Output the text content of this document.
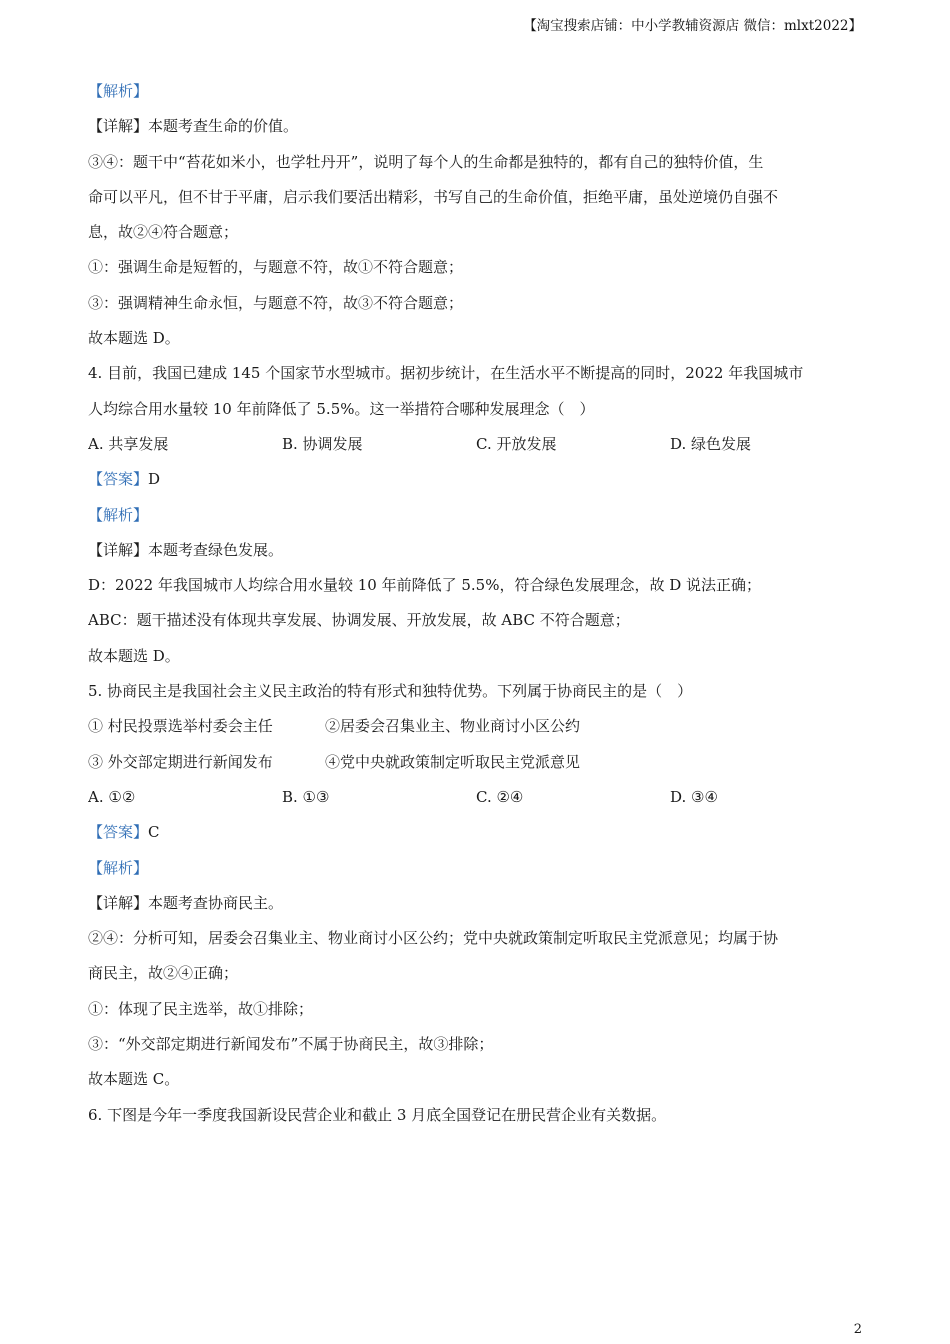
【淘宝搜索店铺：中小学教辅资源店 微信：mlxt2022】
【解析】
【详解】本题考查生命的价值。
③④：题干中“苔花如米小，也学牡丹开”，说明了每个人的生命都是独特的，都有自己的独特价值，生
命可以平凡，但不甘于平庸，启示我们要活出精彩，书写自己的生命价值，拒绝平庸，虽处逆境仍自强不
息，故②④符合题意；
①：强调生命是短暂的，与题意不符，故①不符合题意；
③：强调精神生命永恒，与题意不符，故③不符合题意；
故本题选 D。
4. 目前，我国已建成 145 个国家节水型城市。据初步统计，在生活水平不断提高的同时，2022 年我国城市
人均综合用水量较 10 年前降低了 5.5%。这一举措符合哪种发展理念（　）
A. 共享发展	B. 协调发展	C. 开放发展	D. 绿色发展
【答案】D
【解析】
【详解】本题考查绿色发展。
D：2022 年我国城市人均综合用水量较 10 年前降低了 5.5%，符合绿色发展理念，故 D 说法正确；
ABC：题干描述没有体现共享发展、协调发展、开放发展，故 ABC 不符合题意；
故本题选 D。
5. 协商民主是我国社会主义民主政治的特有形式和独特优势。下列属于协商民主的是（　）
① 村民投票选举村委会主任	②居委会召集业主、物业商讨小区公约
③ 外交部定期进行新闻发布	④党中央就政策制定听取民主党派意见
A. ①②	B. ①③	C. ②④	D. ③④
【答案】C
【解析】
【详解】本题考查协商民主。
②④：分析可知，居委会召集业主、物业商讨小区公约；党中央就政策制定听取民主党派意见；均属于协
商民主，故②④正确；
①：体现了民主选举，故①排除；
③：“外交部定期进行新闻发布”不属于协商民主，故③排除；
故本题选 C。
6. 下图是今年一季度我国新设民营企业和截止 3 月底全国登记在册民营企业有关数据。
2
